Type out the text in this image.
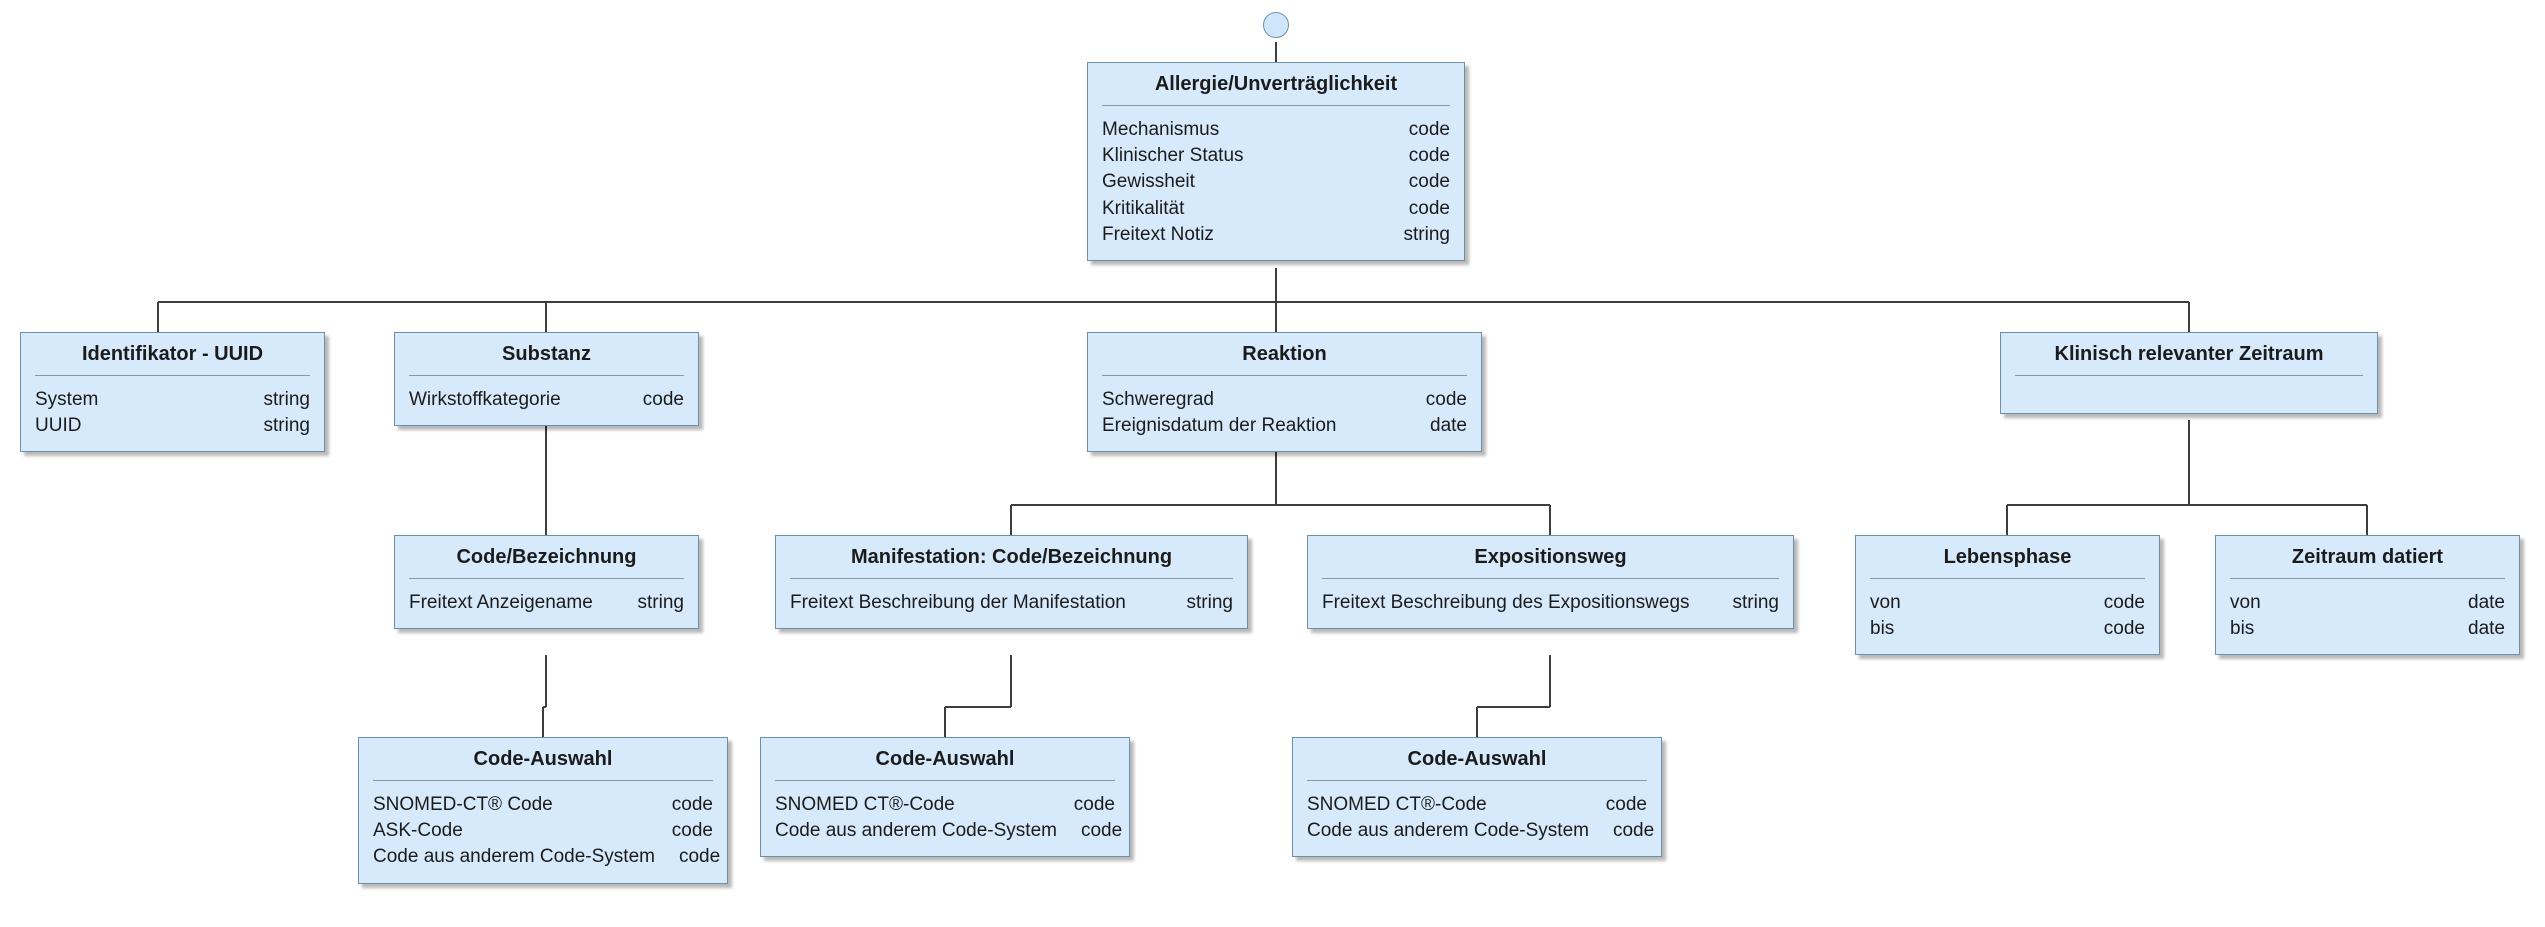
Allergie/Unverträglichkeit
Mechanismus	code
Klinischer Status	code
Gewissheit	code
Kritikalität	code
Freitext Notiz	string
Identifikator - UUID
System	string
UUID	string
Substanz
Wirkstoffkategorie	code
Reaktion
Schweregrad	code
Ereignisdatum der Reaktion	date
Klinisch relevanter Zeitraum
Code/Bezeichnung
Freitext Anzeigename	string
Manifestation: Code/Bezeichnung
Freitext Beschreibung der Manifestation	string
Expositionsweg
Freitext Beschreibung des Expositionswegs	string
Lebensphase
von	code
bis	code
Zeitraum datiert
von	date
bis	date
Code-Auswahl
SNOMED-CT® Code	code
ASK-Code	code
Code aus anderem Code-System	code
Code-Auswahl
SNOMED CT®-Code	code
Code aus anderem Code-System	code
Code-Auswahl
SNOMED CT®-Code	code
Code aus anderem Code-System	code
